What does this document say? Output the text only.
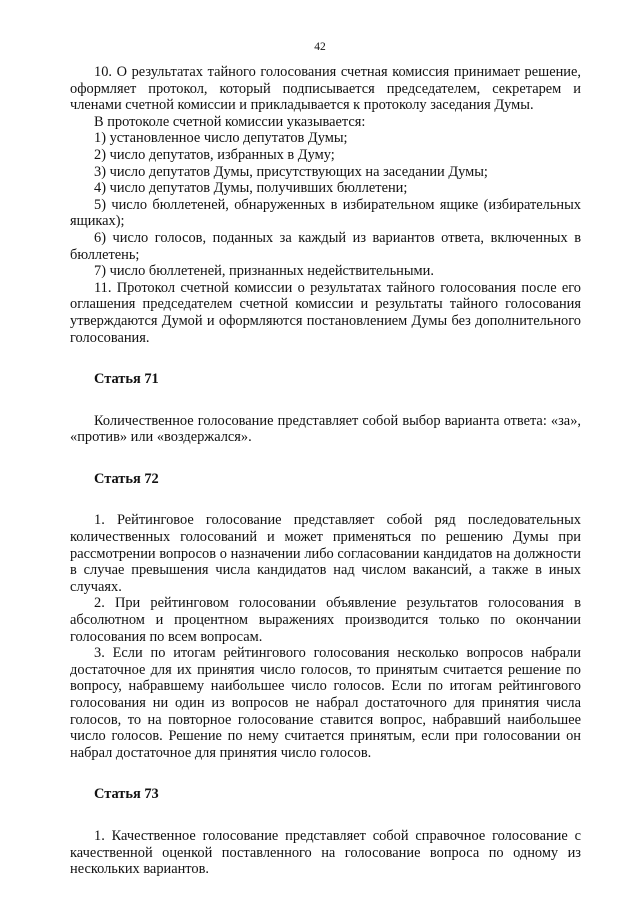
42

10. О результатах тайного голосования счетная комиссия принимает решение, оформляет протокол, который подписывается председателем, секретарем и членами счетной комиссии и прикладывается к протоколу заседания Думы.

В протоколе счетной комиссии указывается:

1) установленное число депутатов Думы;

2) число депутатов, избранных в Думу;

3) число депутатов Думы, присутствующих на заседании Думы;

4) число депутатов Думы, получивших бюллетени;

5) число бюллетеней, обнаруженных в избирательном ящике (избирательных ящиках);

6) число голосов, поданных за каждый из вариантов ответа, включенных в бюллетень;

7) число бюллетеней, признанных недействительными.

11. Протокол счетной комиссии о результатах тайного голосования после его оглашения председателем счетной комиссии и результаты тайного голосования утверждаются Думой и оформляются постановлением Думы без дополнительного голосования.

Статья 71

Количественное голосование представляет собой выбор варианта ответа: «за», «против» или «воздержался».

Статья 72

1. Рейтинговое голосование представляет собой ряд последовательных количественных голосований и может применяться по решению Думы при рассмотрении вопросов о назначении либо согласовании кандидатов на должности в случае превышения числа кандидатов над числом вакансий, а также в иных случаях.

2. При рейтинговом голосовании объявление результатов голосования в абсолютном и процентном выражениях производится только по окончании голосования по всем вопросам.

3. Если по итогам рейтингового голосования несколько вопросов набрали достаточное для их принятия число голосов, то принятым считается решение по вопросу, набравшему наибольшее число голосов. Если по итогам рейтингового голосования ни один из вопросов не набрал достаточного для принятия числа голосов, то на повторное голосование ставится вопрос, набравший наибольшее число голосов. Решение по нему считается принятым, если при голосовании он набрал достаточное для принятия число голосов.

Статья 73

1. Качественное голосование представляет собой справочное голосование с качественной оценкой поставленного на голосование вопроса по одному из нескольких вариантов.
